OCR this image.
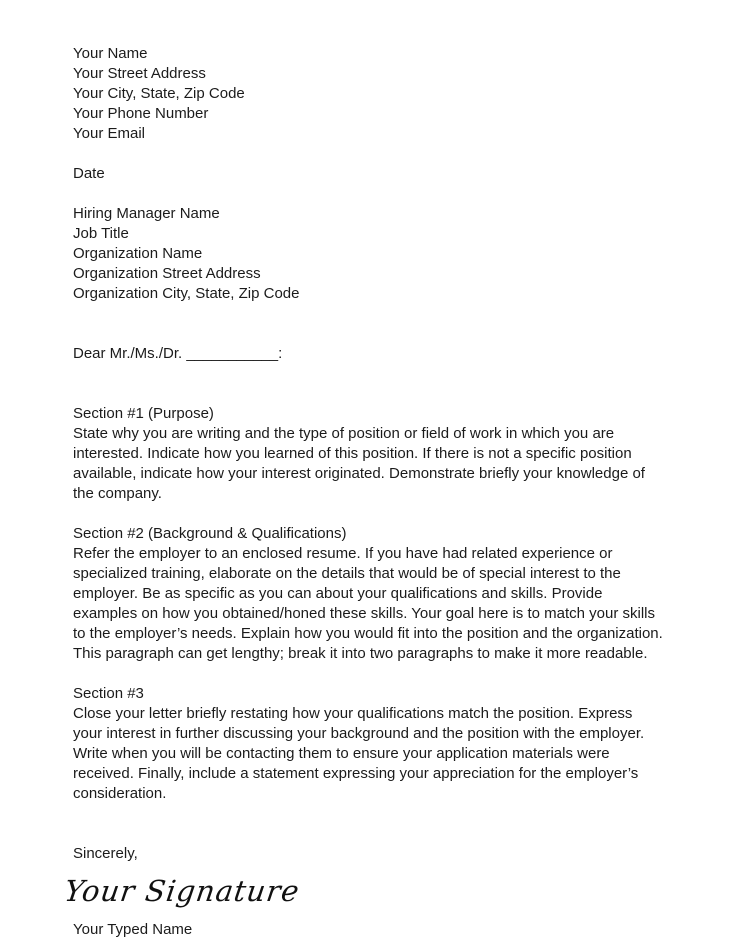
Your Name
Your Street Address
Your City, State, Zip Code
Your Phone Number
Your Email
Date
Hiring Manager Name
Job Title
Organization Name
Organization Street Address
Organization City, State, Zip Code
Dear Mr./Ms./Dr. ___________:
Section #1 (Purpose)
State why you are writing and the type of position or field of work in which you are interested. Indicate how you learned of this position. If there is not a specific position available, indicate how your interest originated. Demonstrate briefly your knowledge of the company.
Section #2 (Background & Qualifications)
Refer the employer to an enclosed resume. If you have had related experience or specialized training, elaborate on the details that would be of special interest to the employer. Be as specific as you can about your qualifications and skills. Provide examples on how you obtained/honed these skills. Your goal here is to match your skills to the employer’s needs. Explain how you would fit into the position and the organization. This paragraph can get lengthy; break it into two paragraphs to make it more readable.
Section #3
Close your letter briefly restating how your qualifications match the position. Express your interest in further discussing your background and the position with the employer. Write when you will be contacting them to ensure your application materials were received. Finally, include a statement expressing your appreciation for the employer’s consideration.
Sincerely,
Your Signature
Your Typed Name
